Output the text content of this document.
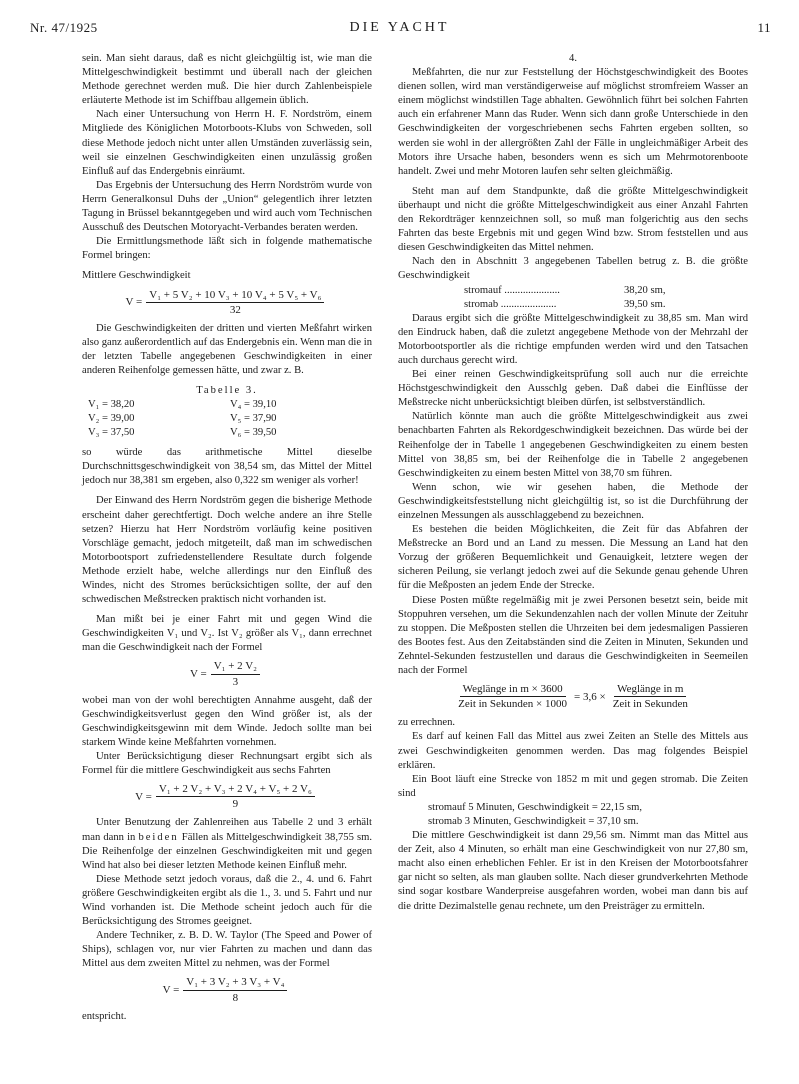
Nr. 47/1925	DIE YACHT	11

sein. Man sieht daraus, daß es nicht gleichgültig ist, wie man die Mittelgeschwindigkeit bestimmt und überall nach der gleichen Methode gerechnet werden muß. Die hier durch Zahlenbeispiele erläuterte Methode ist im Schiffbau allgemein üblich.

Nach einer Untersuchung von Herrn H. F. Nordström, einem Mitgliede des Königlichen Motorboots-Klubs von Schweden, soll diese Methode jedoch nicht unter allen Umständen zuverlässig sein, weil sie einzelnen Geschwindigkeiten einen unzulässig großen Einfluß auf das Endergebnis einräumt.

Das Ergebnis der Untersuchung des Herrn Nordström wurde von Herrn Generalkonsul Duhs der „Union“ gelegentlich ihrer letzten Tagung in Brüssel bekanntgegeben und wird auch vom Technischen Ausschuß des Deutschen Motoryacht-Verbandes beraten werden.

Die Ermittlungsmethode läßt sich in folgende mathematische Formel bringen:

Mittlere Geschwindigkeit

$V = \frac{\text{V₁ + 5 V₂ + 10 V₃ + 10 V₄ + 5 V₅ + V₆}}{32}$

Die Geschwindigkeiten der dritten und vierten Meßfahrt wirken also ganz außerordentlich auf das Endergebnis ein. Wenn man die in der letzten Tabelle angegebenen Geschwindigkeiten in einer anderen Reihenfolge gemessen hätte, und zwar z. B.

Tabelle 3.

V₁ = 38,20	V₄ = 39,10
V₂ = 39,00	V₅ = 37,90
V₃ = 37,50	V₆ = 39,50

so würde das arithmetische Mittel dieselbe Durchschnittsgeschwindigkeit von 38,54 sm, das Mittel der Mittel jedoch nur 38,381 sm ergeben, also 0,322 sm weniger als vorher!

Der Einwand des Herrn Nordström gegen die bisherige Methode erscheint daher gerechtfertigt. Doch welche andere an ihre Stelle setzen? Hierzu hat Herr Nordström vorläufig keine positiven Vorschläge gemacht, jedoch mitgeteilt, daß man im schwedischen Motorbootsport zufriedenstellendere Resultate durch folgende Methode erzielt habe, welche allerdings nur den Einfluß des Windes, nicht des Stromes berücksichtigen sollte, der auf den schwedischen Meßstrecken praktisch nicht vorhanden ist.

Man mißt bei je einer Fahrt mit und gegen Wind die Geschwindigkeiten V₁ und V₂. Ist V₂ größer als V₁, dann errechnet man die Geschwindigkeit nach der Formel

$V = \frac{\text{V₁ + 2 V₂}}{3}$

wobei man von der wohl berechtigten Annahme ausgeht, daß der Geschwindigkeitsverlust gegen den Wind größer ist, als der Geschwindigkeitsgewinn mit dem Winde. Jedoch sollte man bei starkem Winde keine Meßfahrten vornehmen.

Unter Berücksichtigung dieser Rechnungsart ergibt sich als Formel für die mittlere Geschwindigkeit aus sechs Fahrten

$V = \frac{\text{V₁ + 2 V₂ + V₃ + 2 V₄ + V₅ + 2 V₆}}{9}$

Unter Benutzung der Zahlenreihen aus Tabelle 2 und 3 erhält man dann in beiden Fällen als Mittelgeschwindigkeit 38,755 sm. Die Reihenfolge der einzelnen Geschwindigkeiten mit und gegen Wind hat also bei dieser letzten Methode keinen Einfluß mehr.

Diese Methode setzt jedoch voraus, daß die 2., 4. und 6. Fahrt größere Geschwindigkeiten ergibt als die 1., 3. und 5. Fahrt und nur Wind vorhanden ist. Die Methode scheint jedoch auch für die Berücksichtigung des Stromes geeignet.

Andere Techniker, z. B. D. W. Taylor (The Speed and Power of Ships), schlagen vor, nur vier Fahrten zu machen und dann das Mittel aus dem zweiten Mittel zu nehmen, was der Formel

$V = \frac{\text{V₁ + 3 V₂ + 3 V₃ + V₄}}{8}$

entspricht.

4.

Meßfahrten, die nur zur Feststellung der Höchstgeschwindigkeit des Bootes dienen sollen, wird man verständigerweise auf möglichst stromfreiem Wasser an einem möglichst windstillen Tage abhalten. Gewöhnlich führt bei solchen Fahrten auch ein erfahrener Mann das Ruder. Wenn sich dann große Unterschiede in den Geschwindigkeiten der vorgeschriebenen sechs Fahrten ergeben sollten, so werden sie wohl in der allergrößten Zahl der Fälle in ungleichmäßiger Arbeit des Motors ihre Ursache haben, besonders wenn es sich um Mehrmotorenboote handelt. Zwei und mehr Motoren laufen sehr selten gleichmäßig.

Steht man auf dem Standpunkte, daß die größte Mittelgeschwindigkeit überhaupt und nicht die größte Mittelgeschwindigkeit aus einer Anzahl Fahrten den Rekordträger kennzeichnen soll, so muß man folgerichtig aus den sechs Fahrten das beste Ergebnis mit und gegen Wind bzw. Strom feststellen und aus diesen Geschwindigkeiten das Mittel nehmen.

Nach den in Abschnitt 3 angegebenen Tabellen betrug z. B. die größte Geschwindigkeit

stromauf .....................	38,20 sm,
stromab .....................	39,50 sm.

Daraus ergibt sich die größte Mittelgeschwindigkeit zu 38,85 sm. Man wird den Eindruck haben, daß die zuletzt angegebene Methode von der Mehrzahl der Motorbootsportler als die richtige empfunden werden wird und den Tatsachen auch durchaus gerecht wird.

Bei einer reinen Geschwindigkeitsprüfung soll auch nur die erreichte Höchstgeschwindigkeit den Ausschlg geben. Daß dabei die Einflüsse der Meßstrecke nicht unberücksichtigt bleiben dürfen, ist selbstverständlich.

Natürlich könnte man auch die größte Mittelgeschwindigkeit aus zwei benachbarten Fahrten als Rekordgeschwindigkeit bezeichnen. Das würde bei der Reihenfolge der in Tabelle 1 angegebenen Geschwindigkeiten zu einem besten Mittel von 38,85 sm, bei der Reihenfolge die in Tabelle 2 angegebenen Geschwindigkeiten zu einem besten Mittel von 38,70 sm führen.

Wenn schon, wie wir gesehen haben, die Methode der Geschwindigkeitsfeststellung nicht gleichgültig ist, so ist die Durchführung der einzelnen Messungen als ausschlaggebend zu bezeichnen.

Es bestehen die beiden Möglichkeiten, die Zeit für das Abfahren der Meßstrecke an Bord und an Land zu messen. Die Messung an Land hat den Vorzug der größeren Bequemlichkeit und Genauigkeit, letztere wegen der sicheren Peilung, sie verlangt jedoch zwei auf die Sekunde genau gehende Uhren für die Meßposten an jedem Ende der Strecke.

Diese Posten müßte regelmäßig mit je zwei Personen besetzt sein, beide mit Stoppuhren versehen, um die Sekundenzahlen nach der vollen Minute der Zeituhr zu stoppen. Die Meßposten stellen die Uhrzeiten bei dem jedesmaligen Passieren des Bootes fest. Aus den Zeitabständen sind die Zeiten in Minuten, Sekunden und Zehntel-Sekunden festzustellen und daraus die Geschwindigkeiten in Seemeilen nach der Formel

$\frac{\text{Weglänge in m × 3600}}{\text{Zeit in Sekunden × 1000}} = 3,6 \times \frac{\text{Weglänge in m}}{\text{Zeit in Sekunden}}$

zu errechnen.

Es darf auf keinen Fall das Mittel aus zwei Zeiten an Stelle des Mittels aus zwei Geschwindigkeiten genommen werden. Das mag folgendes Beispiel erklären.

Ein Boot läuft eine Strecke von 1852 m mit und gegen stromab. Die Zeiten sind

stromauf 5 Minuten, Geschwindigkeit = 22,15 sm,
stromab 3 Minuten, Geschwindigkeit = 37,10 sm.

Die mittlere Geschwindigkeit ist dann 29,56 sm. Nimmt man das Mittel aus der Zeit, also 4 Minuten, so erhält man eine Geschwindigkeit von nur 27,80 sm, macht also einen erheblichen Fehler. Er ist in den Kreisen der Motorbootsfahrer gar nicht so selten, als man glauben sollte. Nach dieser grundverkehrten Methode sind sogar kostbare Wanderpreise ausgefahren worden, wobei man dann bis auf die dritte Dezimalstelle genau rechnete, um den Preisträger zu ermitteln.
